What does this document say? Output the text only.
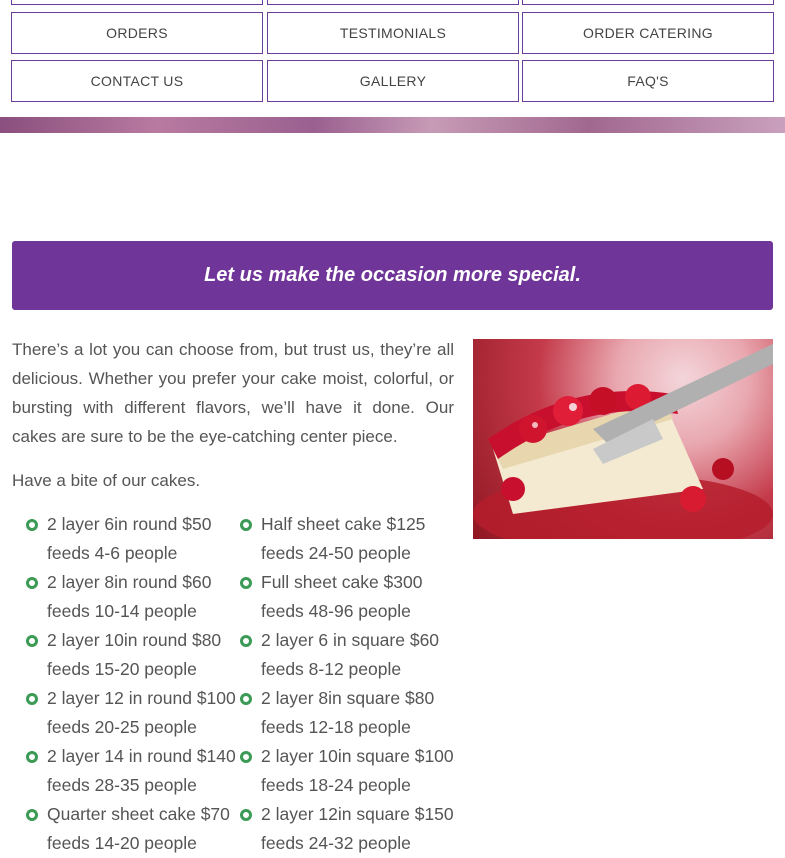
ORDERS	TESTIMONIALS	ORDER CATERING
CONTACT US	GALLERY	FAQ'S
Let us make the occasion more special.

There’s a lot you can choose from, but trust us, they’re all delicious. Whether you prefer your cake moist, colorful, or bursting with different flavors, we’ll have it done. Our cakes are sure to be the eye-catching center piece.

Have a bite of our cakes.

2 layer 6in round $50
feeds 4-6 people
2 layer 8in round $60
feeds 10-14 people
2 layer 10in round $80
feeds 15-20 people
2 layer 12 in round $100
feeds 20-25 people
2 layer 14 in round $140
feeds 28-35 people
Quarter sheet cake $70
feeds 14-20 people
Half sheet cake $125
feeds 24-50 people
Full sheet cake $300
feeds 48-96 people
2 layer 6 in square $60
feeds 8-12 people
2 layer 8in square $80
feeds 12-18 people
2 layer 10in square $100
feeds 18-24 people
2 layer 12in square $150
feeds 24-32 people
